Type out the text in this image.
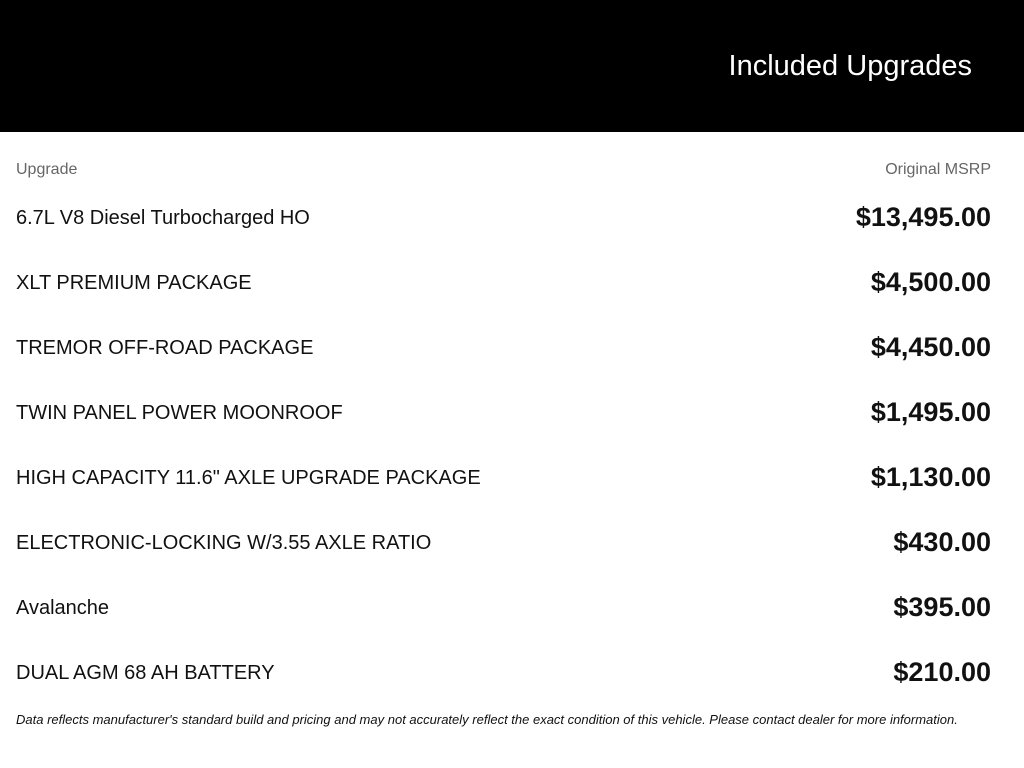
Included Upgrades
Upgrade	Original MSRP
6.7L V8 Diesel Turbocharged HO	$13,495.00
XLT PREMIUM PACKAGE	$4,500.00
TREMOR OFF-ROAD PACKAGE	$4,450.00
TWIN PANEL POWER MOONROOF	$1,495.00
HIGH CAPACITY 11.6" AXLE UPGRADE PACKAGE	$1,130.00
ELECTRONIC-LOCKING W/3.55 AXLE RATIO	$430.00
Avalanche	$395.00
DUAL AGM 68 AH BATTERY	$210.00
Data reflects manufacturer's standard build and pricing and may not accurately reflect the exact condition of this vehicle. Please contact dealer for more information.
